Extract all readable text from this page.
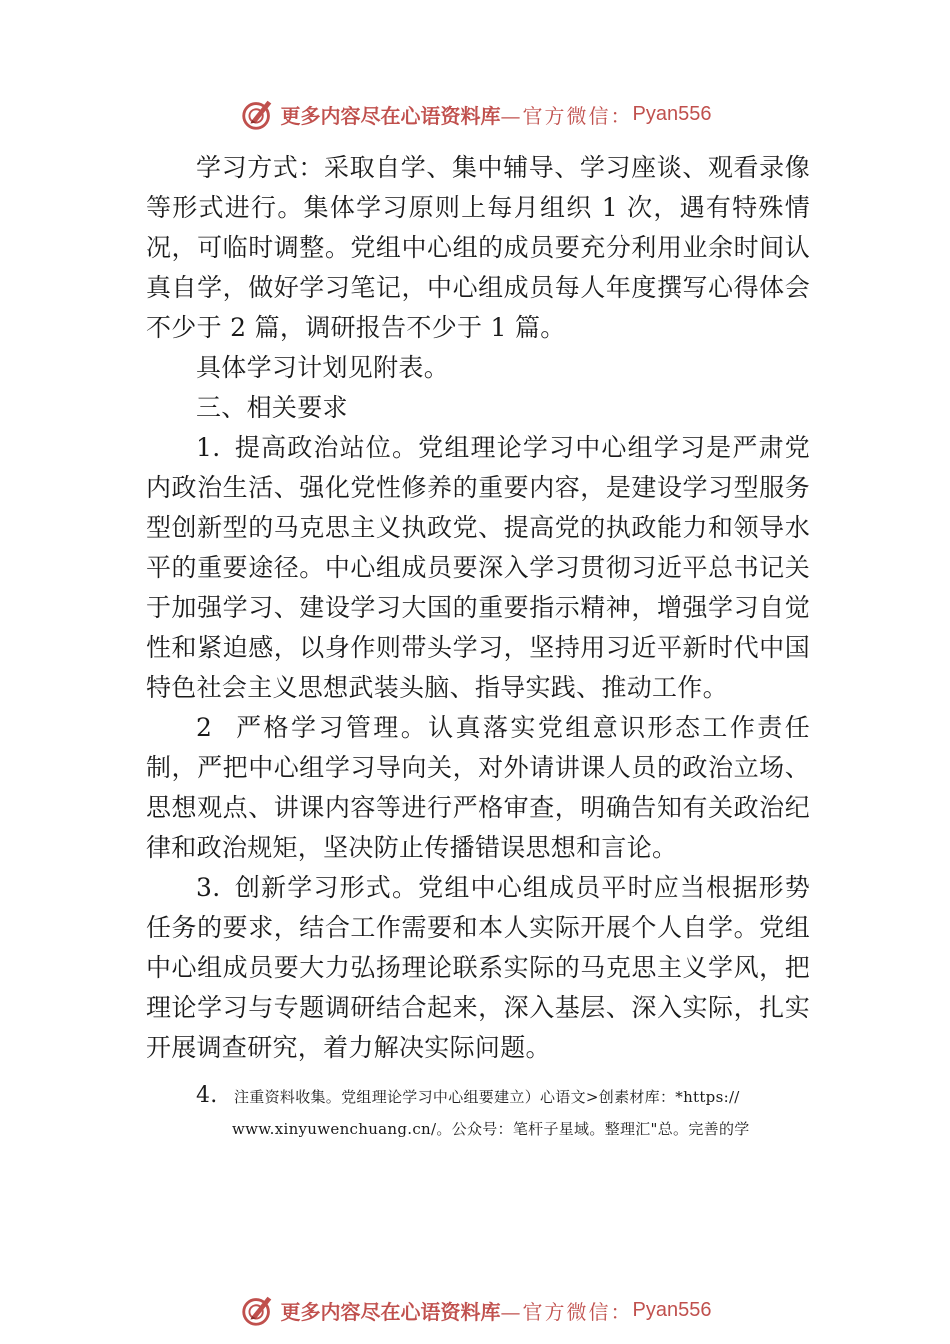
更多内容尽在心语资料库 —官方微信： Pyan556

学习方式：采取自学、集中辅导、学习座谈、观看录像等形式进行。集体学习原则上每月组织 1 次，遇有特殊情况，可临时调整。党组中心组的成员要充分利用业余时间认真自学，做好学习笔记，中心组成员每人年度撰写心得体会不少于 2 篇，调研报告不少于 1 篇。

具体学习计划见附表。

三、相关要求

1. 提高政治站位。党组理论学习中心组学习是严肃党内政治生活、强化党性修养的重要内容，是建设学习型服务型创新型的马克思主义执政党、提高党的执政能力和领导水平的重要途径。中心组成员要深入学习贯彻习近平总书记关于加强学习、建设学习大国的重要指示精神，增强学习自觉性和紧迫感，以身作则带头学习，坚持用习近平新时代中国特色社会主义思想武装头脑、指导实践、推动工作。

2 严格学习管理。认真落实党组意识形态工作责任制，严把中心组学习导向关，对外请讲课人员的政治立场、思想观点、讲课内容等进行严格审查，明确告知有关政治纪律和政治规矩，坚决防止传播错误思想和言论。

3. 创新学习形式。党组中心组成员平时应当根据形势任务的要求，结合工作需要和本人实际开展个人自学。党组中心组成员要大力弘扬理论联系实际的马克思主义学风，把理论学习与专题调研结合起来，深入基层、深入实际，扎实开展调查研究，着力解决实际问题。

4. 注重资料收集。党组理论学习中心组要建立）心语文>创素材库：*https://
www.xinyuwenchuang.cn/。公众号：笔杆子星域。整理汇"总。完善的学
更多内容尽在心语资料库 —官方微信： Pyan556
